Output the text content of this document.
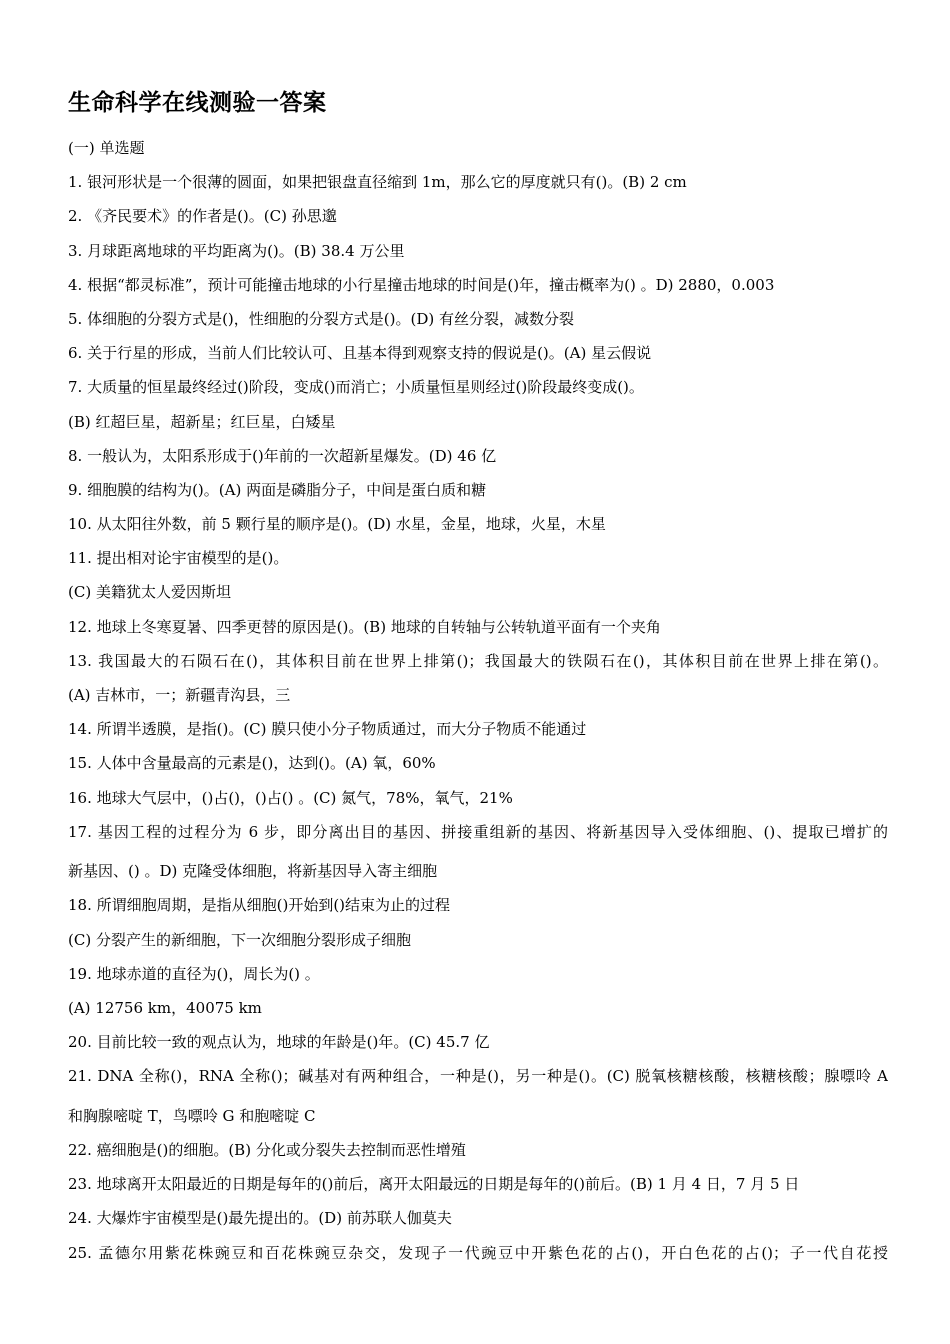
生命科学在线测验一答案
(一) 单选题
1. 银河形状是一个很薄的圆面，如果把银盘直径缩到 1m，那么它的厚度就只有()。(B) 2 cm
2. 《齐民要术》的作者是()。(C) 孙思邈
3. 月球距离地球的平均距离为()。(B) 38.4 万公里
4. 根据“都灵标准”，预计可能撞击地球的小行星撞击地球的时间是()年，撞击概率为() 。D) 2880，0.003
5. 体细胞的分裂方式是()，性细胞的分裂方式是()。(D) 有丝分裂，减数分裂
6. 关于行星的形成，当前人们比较认可、且基本得到观察支持的假说是()。(A) 星云假说
7. 大质量的恒星最终经过()阶段，变成()而消亡；小质量恒星则经过()阶段最终变成()。
(B) 红超巨星，超新星；红巨星，白矮星
8. 一般认为，太阳系形成于()年前的一次超新星爆发。(D) 46 亿
9. 细胞膜的结构为()。(A) 两面是磷脂分子，中间是蛋白质和糖
10. 从太阳往外数，前 5 颗行星的顺序是()。(D) 水星，金星，地球，火星，木星
11. 提出相对论宇宙模型的是()。
(C) 美籍犹太人爱因斯坦
12. 地球上冬寒夏暑、四季更替的原因是()。(B) 地球的自转轴与公转轨道平面有一个夹角
13. 我国最大的石陨石在()，其体积目前在世界上排第()；我国最大的铁陨石在()，其体积目前在世界上排在第()。
(A) 吉林市，一；新疆青沟县，三
14. 所谓半透膜，是指()。(C) 膜只使小分子物质通过，而大分子物质不能通过
15. 人体中含量最高的元素是()，达到()。(A) 氧，60%
16. 地球大气层中，()占()，()占() 。(C) 氮气，78%，氧气，21%
17. 基因工程的过程分为 6 步，即分离出目的基因、拼接重组新的基因、将新基因导入受体细胞、()、提取已增扩的
新基因、() 。D) 克隆受体细胞，将新基因导入寄主细胞
18. 所谓细胞周期，是指从细胞()开始到()结束为止的过程
(C) 分裂产生的新细胞，下一次细胞分裂形成子细胞
19. 地球赤道的直径为()，周长为() 。
(A) 12756 km，40075 km
20. 目前比较一致的观点认为，地球的年龄是()年。(C) 45.7 亿
21. DNA 全称()，RNA 全称()；碱基对有两种组合，一种是()，另一种是()。(C) 脱氧核糖核酸，核糖核酸；腺嘌呤 A
和胸腺嘧啶 T，鸟嘌呤 G 和胞嘧啶 C
22. 癌细胞是()的细胞。(B) 分化或分裂失去控制而恶性增殖
23. 地球离开太阳最近的日期是每年的()前后，离开太阳最远的日期是每年的()前后。(B) 1 月 4 日，7 月 5 日
24. 大爆炸宇宙模型是()最先提出的。(D) 前苏联人伽莫夫
25. 孟德尔用紫花株豌豆和百花株豌豆杂交，发现子一代豌豆中开紫色花的占()，开白色花的占()；子一代自花授
